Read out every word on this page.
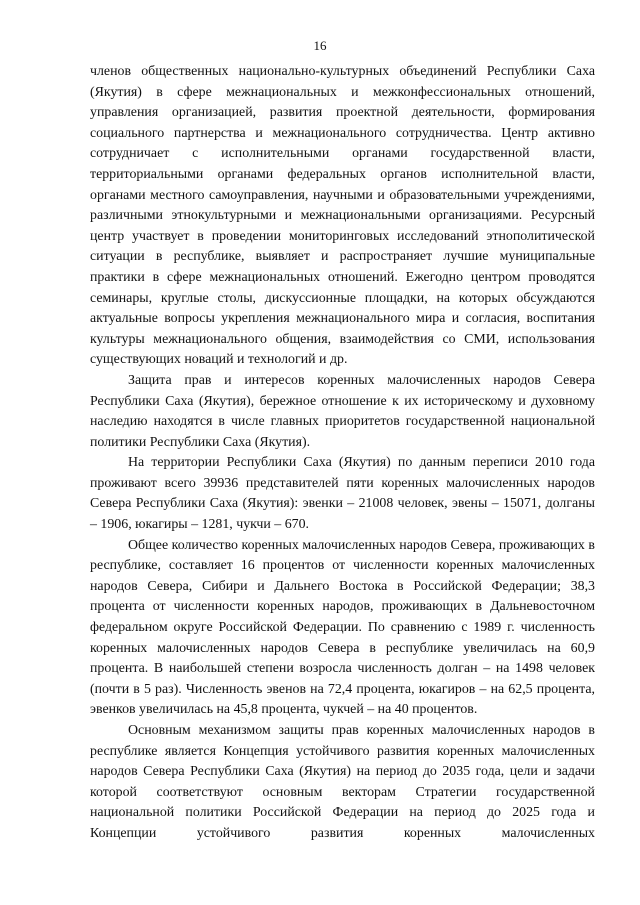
16

членов общественных национально-культурных объединений Республики Саха (Якутия) в сфере межнациональных и межконфессиональных отношений, управления организацией, развития проектной деятельности, формирования социального партнерства и межнационального сотрудничества. Центр активно сотрудничает с исполнительными органами государственной власти, территориальными органами федеральных органов исполнительной власти, органами местного самоуправления, научными и образовательными учреждениями, различными этнокультурными и межнациональными организациями. Ресурсный центр участвует в проведении мониторинговых исследований этнополитической ситуации в республике, выявляет и распространяет лучшие муниципальные практики в сфере межнациональных отношений. Ежегодно центром проводятся семинары, круглые столы, дискуссионные площадки, на которых обсуждаются актуальные вопросы укрепления межнационального мира и согласия, воспитания культуры межнационального общения, взаимодействия со СМИ, использования существующих новаций и технологий и др.

Защита прав и интересов коренных малочисленных народов Севера Республики Саха (Якутия), бережное отношение к их историческому и духовному наследию находятся в числе главных приоритетов государственной национальной политики Республики Саха (Якутия).

На территории Республики Саха (Якутия) по данным переписи 2010 года проживают всего 39936 представителей пяти коренных малочисленных народов Севера Республики Саха (Якутия): эвенки – 21008 человек, эвены – 15071, долганы – 1906, юкагиры – 1281, чукчи – 670.

Общее количество коренных малочисленных народов Севера, проживающих в республике, составляет 16 процентов от численности коренных малочисленных народов Севера, Сибири и Дальнего Востока в Российской Федерации; 38,3 процента от численности коренных народов, проживающих в Дальневосточном федеральном округе Российской Федерации. По сравнению с 1989 г. численность коренных малочисленных народов Севера в республике увеличилась на 60,9 процента. В наибольшей степени возросла численность долган – на 1498 человек (почти в 5 раз). Численность эвенов на 72,4 процента, юкагиров – на 62,5 процента, эвенков увеличилась на 45,8 процента, чукчей – на 40 процентов.

Основным механизмом защиты прав коренных малочисленных народов в республике является Концепция устойчивого развития коренных малочисленных народов Севера Республики Саха (Якутия) на период до 2035 года, цели и задачи которой соответствуют основным векторам Стратегии государственной национальной политики Российской Федерации на период до 2025 года и Концепции устойчивого развития коренных малочисленных
